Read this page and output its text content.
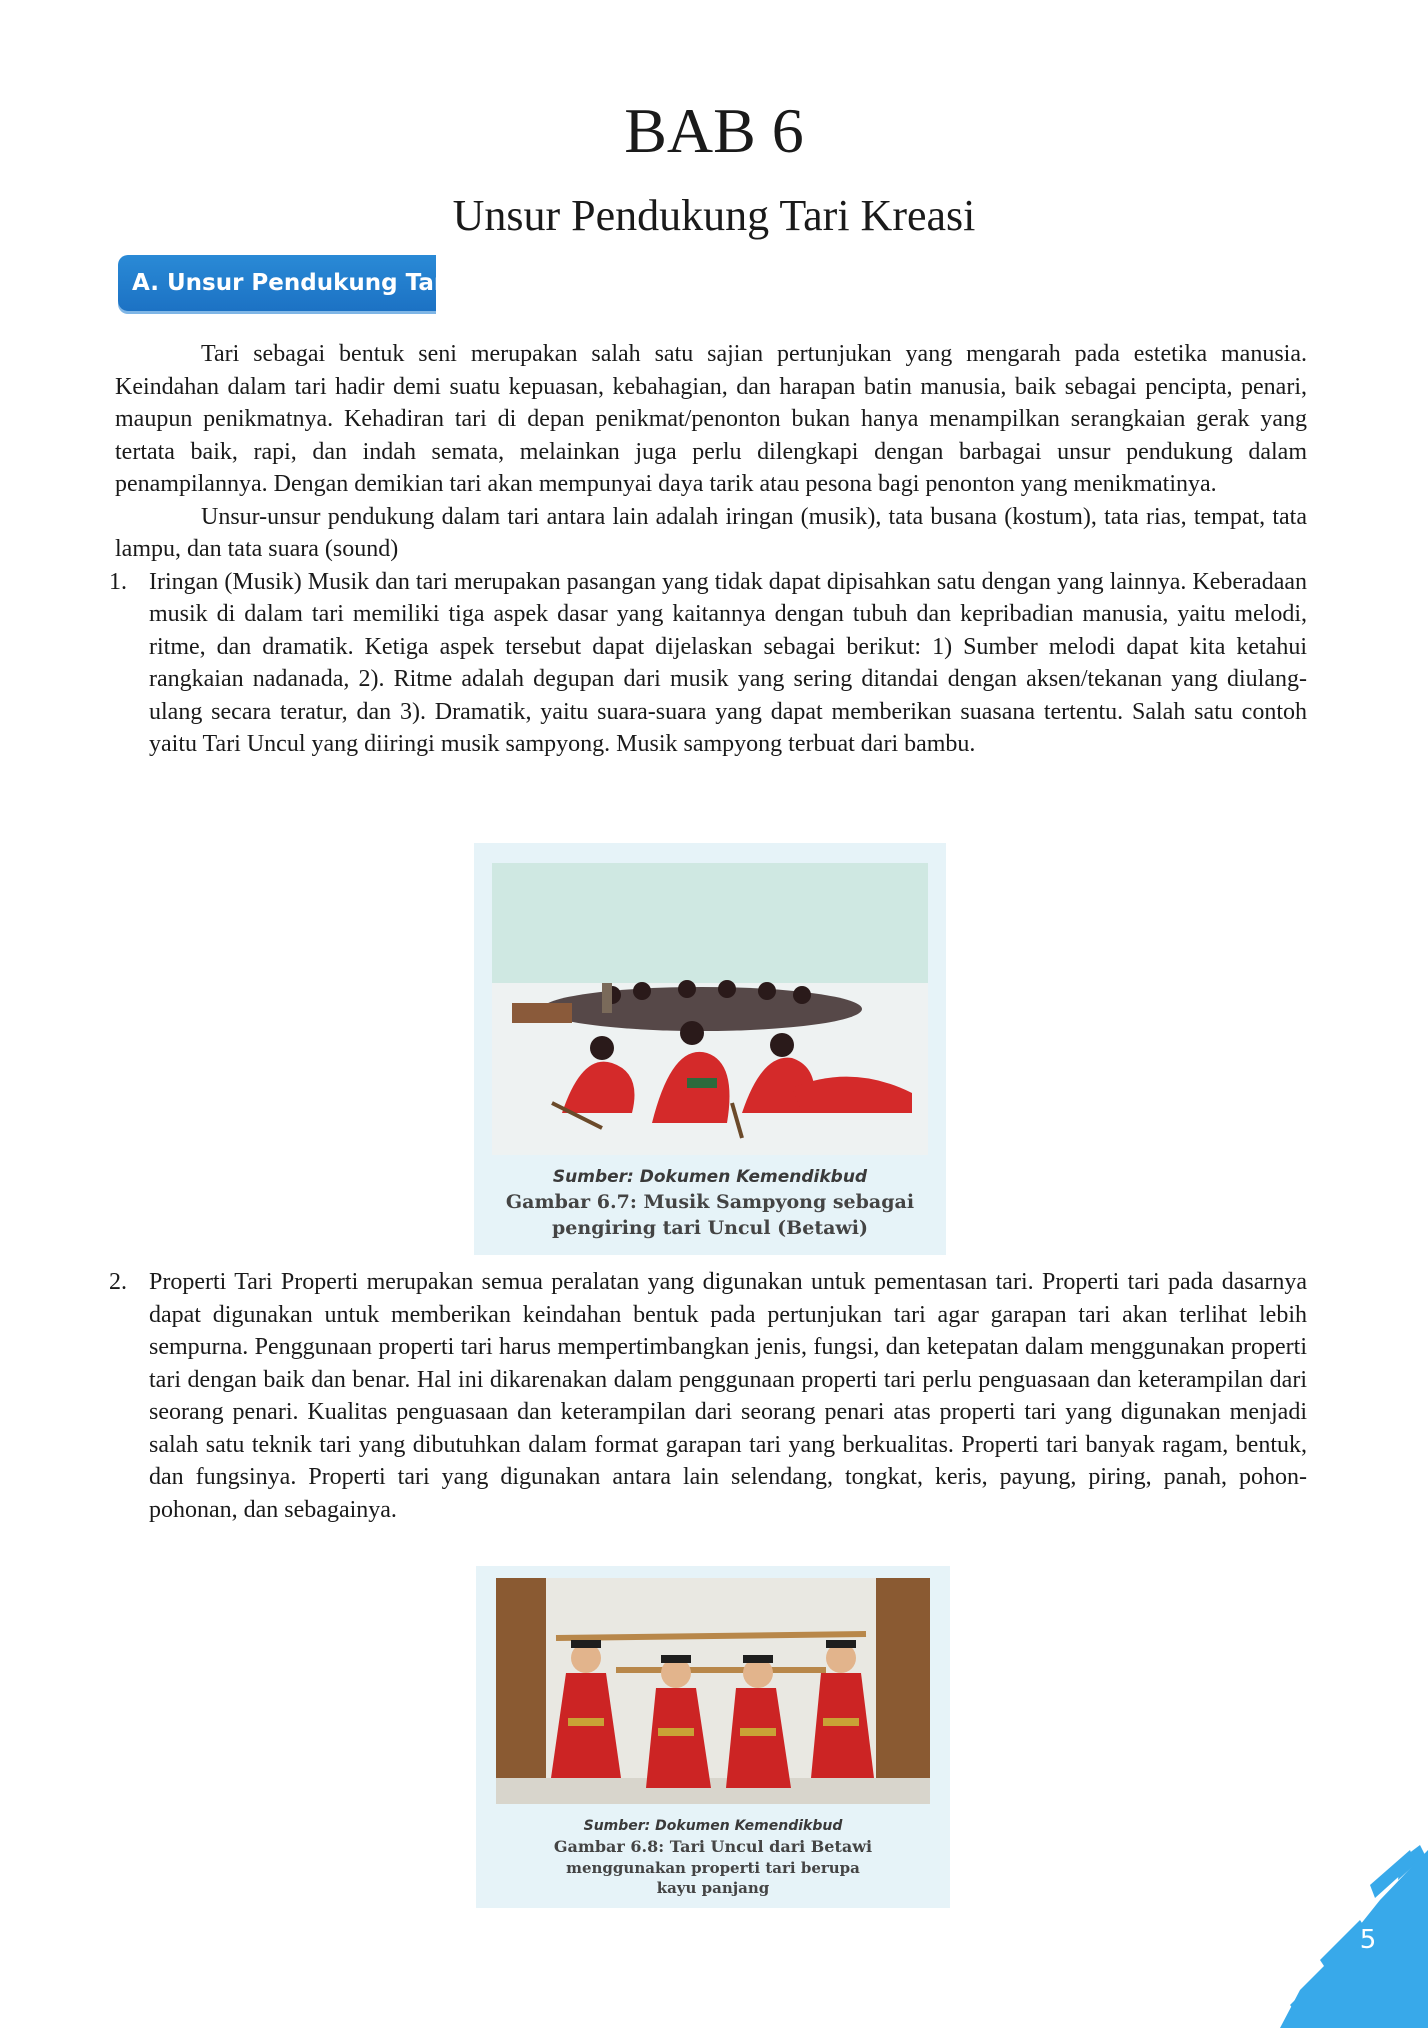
BAB 6
Unsur Pendukung Tari Kreasi
A. Unsur Pendukung Tari

Tari sebagai bentuk seni merupakan salah satu sajian pertunjukan yang mengarah pada estetika manusia. Keindahan dalam tari hadir demi suatu kepuasan, kebahagian, dan harapan batin manusia, baik sebagai pencipta, penari, maupun penikmatnya. Kehadiran tari di depan penikmat/penonton bukan hanya menampilkan serangkaian gerak yang tertata baik, rapi, dan indah semata, melainkan juga perlu dilengkapi dengan barbagai unsur pendukung dalam penampilannya. Dengan demikian tari akan mempunyai daya tarik atau pesona bagi penonton yang menikmatinya.

Unsur-unsur pendukung dalam tari antara lain adalah iringan (musik), tata busana (kostum), tata rias, tempat, tata lampu, dan tata suara (sound)

1. Iringan (Musik) Musik dan tari merupakan pasangan yang tidak dapat dipisahkan satu dengan yang lainnya. Keberadaan musik di dalam tari memiliki tiga aspek dasar yang kaitannya dengan tubuh dan kepribadian manusia, yaitu melodi, ritme, dan dramatik. Ketiga aspek tersebut dapat dijelaskan sebagai berikut: 1) Sumber melodi dapat kita ketahui rangkaian nadanada, 2). Ritme adalah degupan dari musik yang sering ditandai dengan aksen/tekanan yang diulang-ulang secara teratur, dan 3). Dramatik, yaitu suara-suara yang dapat memberikan suasana tertentu. Salah satu contoh yaitu Tari Uncul yang diiringi musik sampyong. Musik sampyong terbuat dari bambu.

Sumber: Dokumen Kemendikbud
Gambar 6.7: Musik Sampyong sebagai
pengiring tari Uncul (Betawi)
2. Properti Tari Properti merupakan semua peralatan yang digunakan untuk pementasan tari. Properti tari pada dasarnya dapat digunakan untuk memberikan keindahan bentuk pada pertunjukan tari agar garapan tari akan terlihat lebih sempurna. Penggunaan properti tari harus mempertimbangkan jenis, fungsi, dan ketepatan dalam menggunakan properti tari dengan baik dan benar. Hal ini dikarenakan dalam penggunaan properti tari perlu penguasaan dan keterampilan dari seorang penari. Kualitas penguasaan dan keterampilan dari seorang penari atas properti tari yang digunakan menjadi salah satu teknik tari yang dibutuhkan dalam format garapan tari yang berkualitas. Properti tari banyak ragam, bentuk, dan fungsinya. Properti tari yang digunakan antara lain selendang, tongkat, keris, payung, piring, panah, pohon-pohonan, dan sebagainya.

Sumber: Dokumen Kemendikbud
Gambar 6.8: Tari Uncul dari Betawi
menggunakan properti tari berupa
kayu panjang
5
